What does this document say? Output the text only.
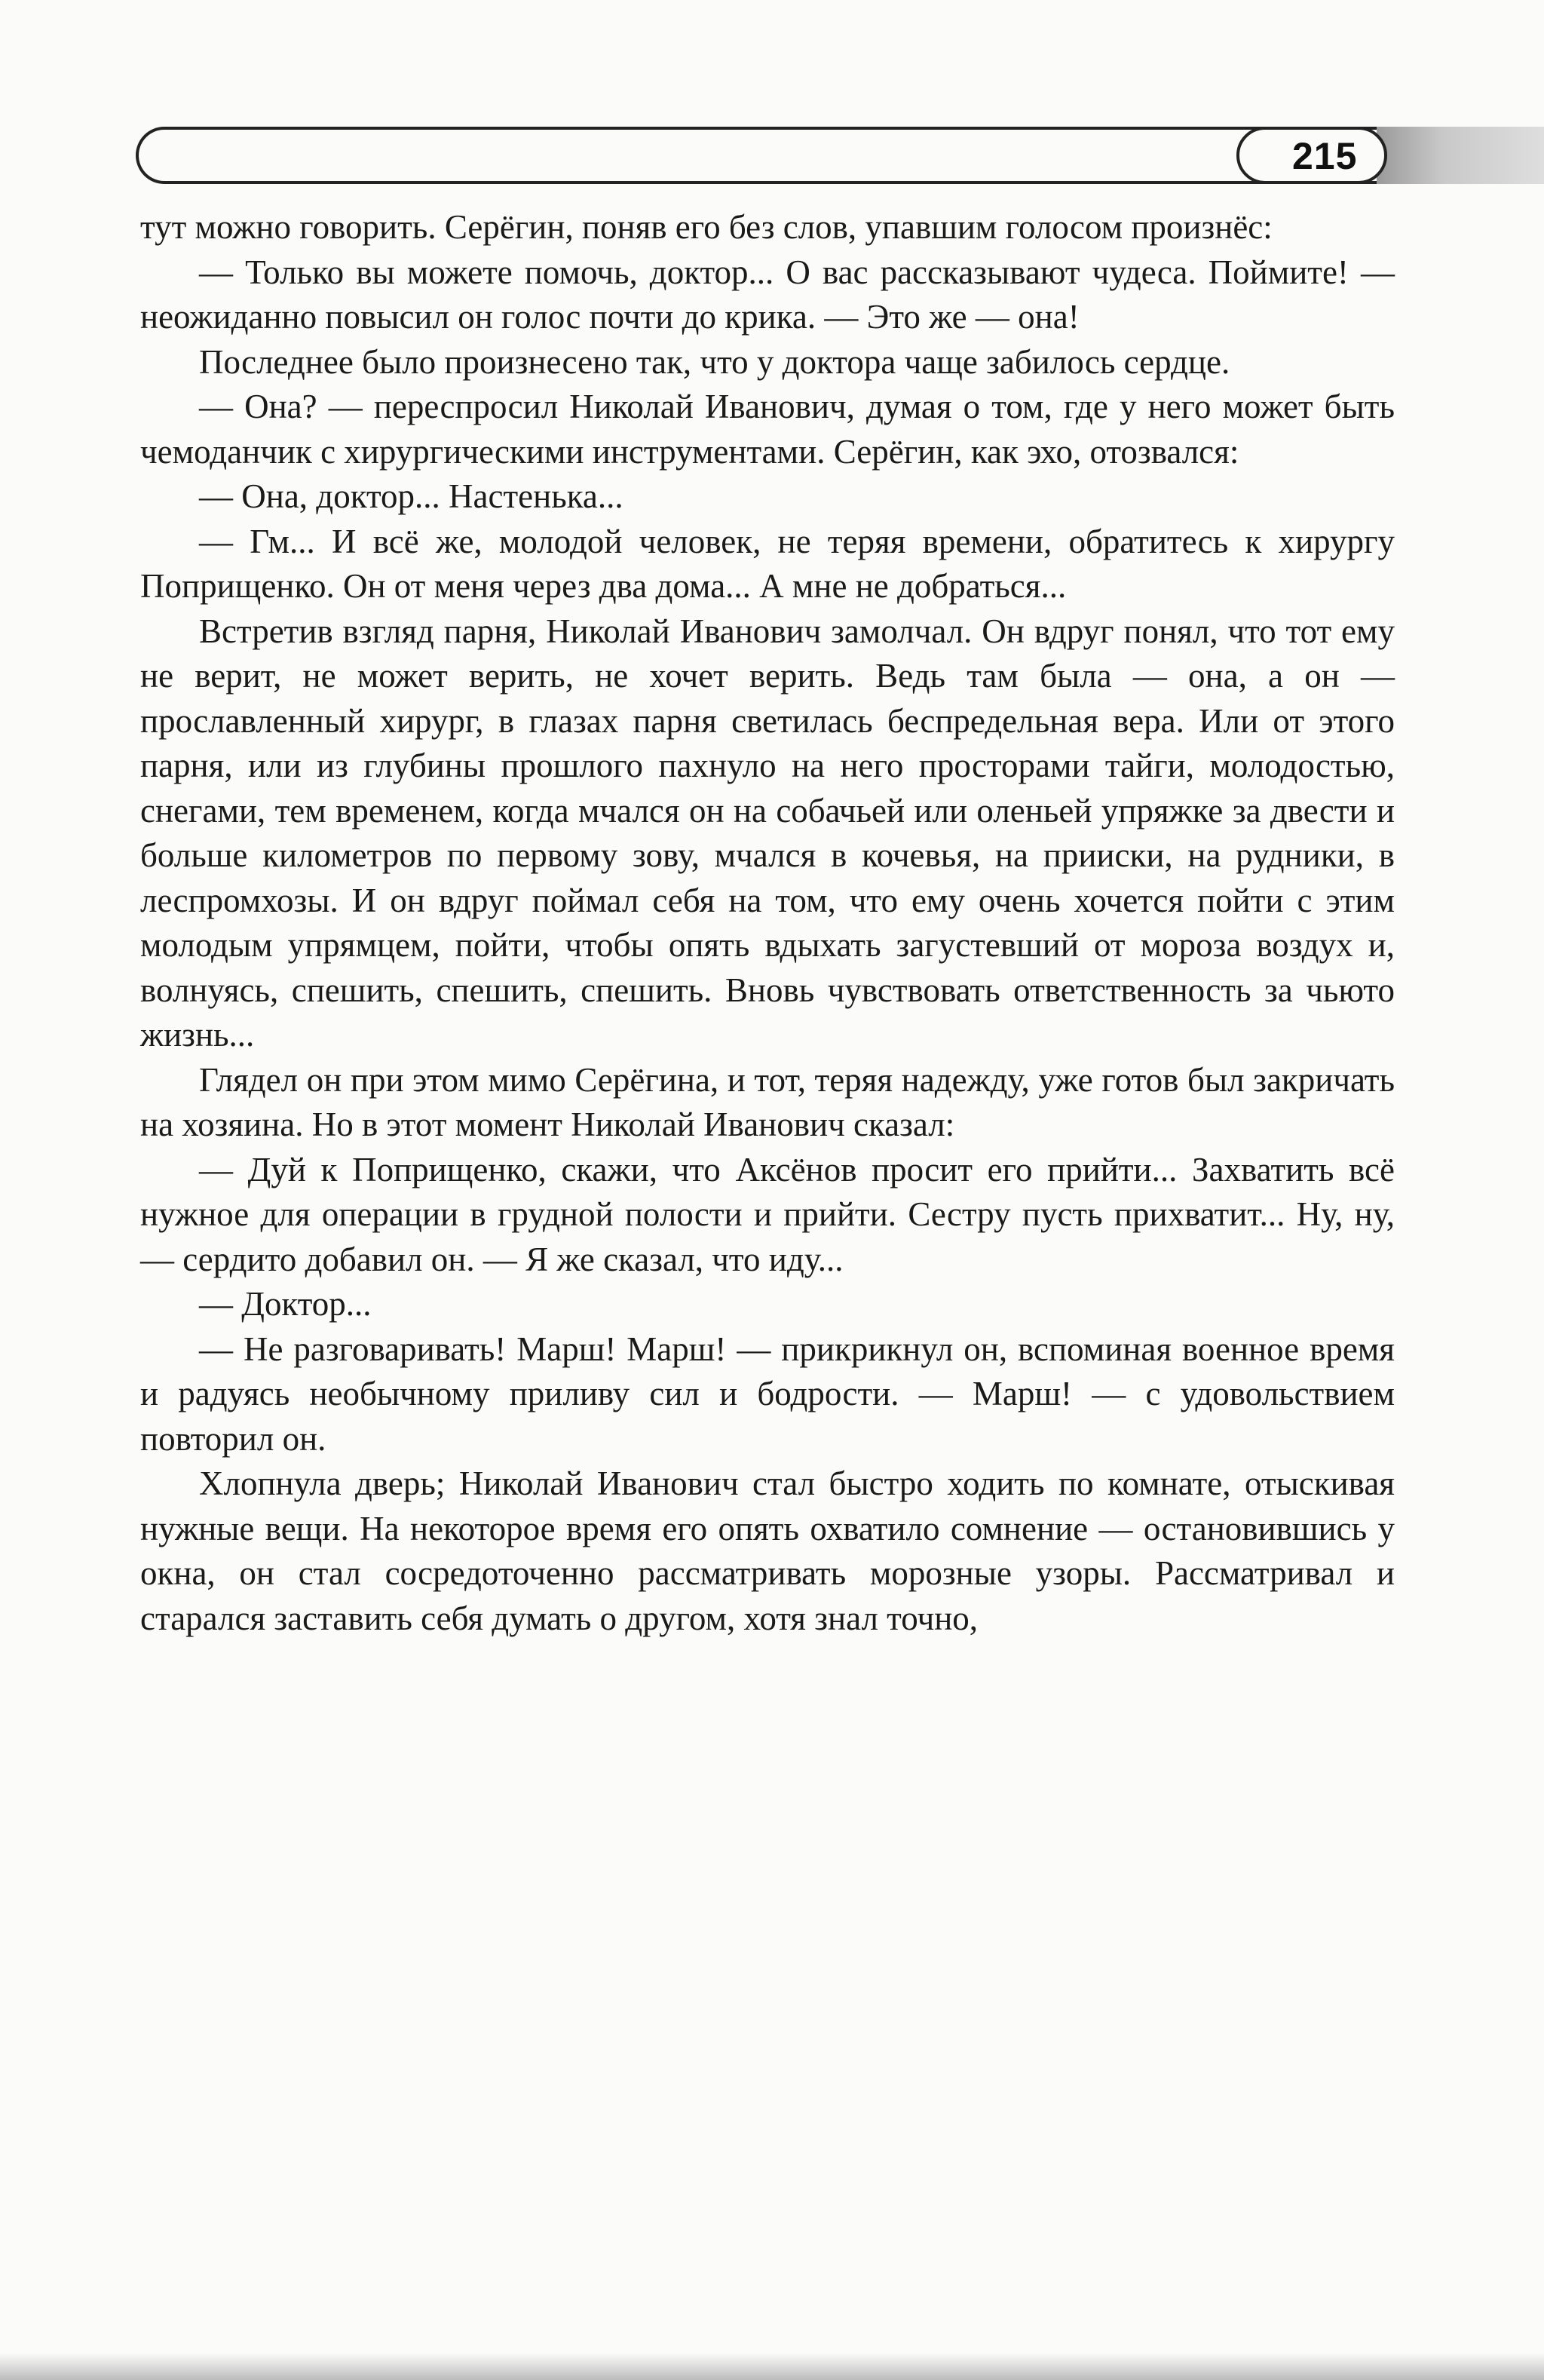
215

тут можно говорить. Серёгин, поняв его без слов, упавшим голосом произнёс:

— Только вы можете помочь, доктор... О вас рассказывают чудеса. Поймите! — неожиданно повысил он голос почти до крика. — Это же — она!

Последнее было произнесено так, что у доктора чаще забилось сердце.

— Она? — переспросил Николай Иванович, думая о том, где у него может быть чемоданчик с хирургическими инструментами. Серёгин, как эхо, отозвался:

— Она, доктор... Настенька...

— Гм... И всё же, молодой человек, не теряя времени, обратитесь к хирургу Поприщенко. Он от меня через два дома... А мне не добраться...

Встретив взгляд парня, Николай Иванович замолчал. Он вдруг понял, что тот ему не верит, не может верить, не хочет верить. Ведь там была — она, а он — прославленный хирург, в глазах парня светилась беспредельная вера. Или от этого парня, или из глубины прошлого пахнуло на него просторами тайги, молодостью, снегами, тем временем, когда мчался он на собачьей или оленьей упряжке за двести и больше километров по первому зову, мчался в кочевья, на прииски, на рудники, в леспромхозы. И он вдруг поймал себя на том, что ему очень хочется пойти с этим молодым упрямцем, пойти, чтобы опять вдыхать загустевший от мороза воздух и, волнуясь, спешить, спешить, спешить. Вновь чувствовать ответственность за чьюто жизнь...

Глядел он при этом мимо Серёгина, и тот, теряя надежду, уже готов был закричать на хозяина. Но в этот момент Николай Иванович сказал:

— Дуй к Поприщенко, скажи, что Аксёнов просит его прийти... Захватить всё нужное для операции в грудной полости и прийти. Сестру пусть прихватит... Ну, ну, — сердито добавил он. — Я же сказал, что иду...

— Доктор...

— Не разговаривать! Марш! Марш! — прикрикнул он, вспоминая военное время и радуясь необычному приливу сил и бодрости. — Марш! — с удовольствием повторил он.

Хлопнула дверь; Николай Иванович стал быстро ходить по комнате, отыскивая нужные вещи. На некоторое время его опять охватило сомнение — остановившись у окна, он стал сосредоточенно рассматривать морозные узоры. Рассматривал и старался заставить себя думать о другом, хотя знал точно,
